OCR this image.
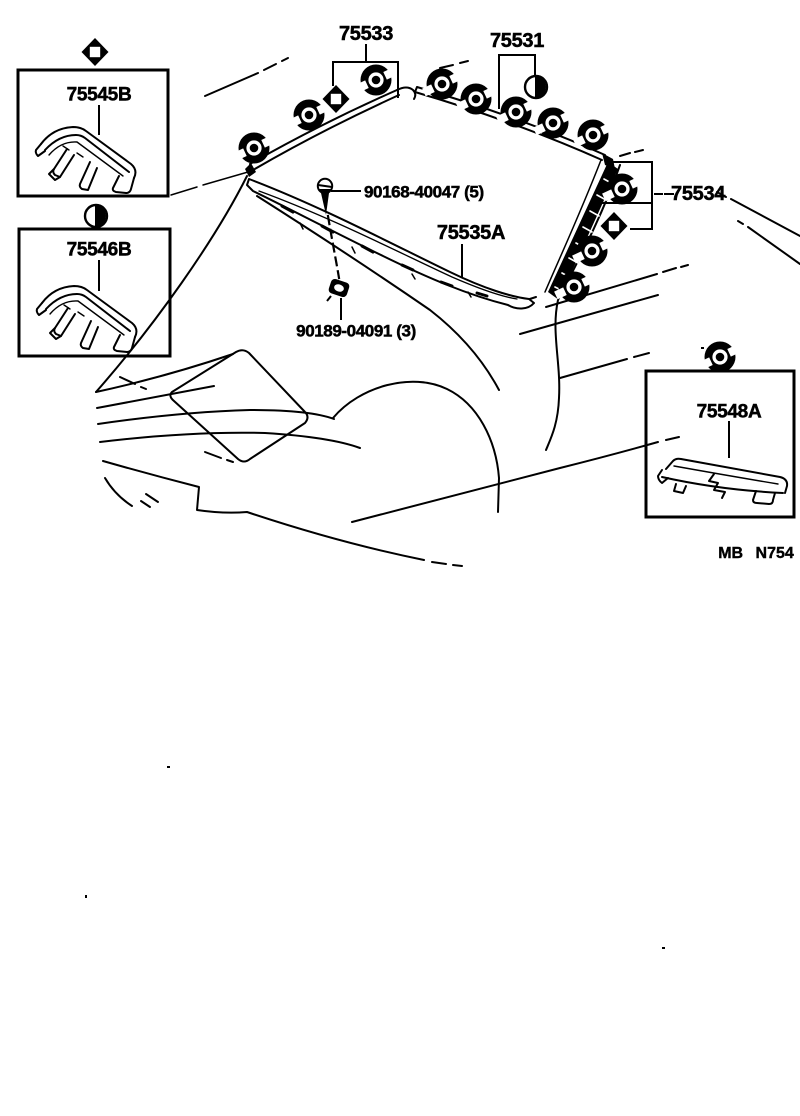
75533	75531
75534
75535A
75545B
75546B
75548A
90168-40047 (5)
90189-04091 (3)
MB N754
